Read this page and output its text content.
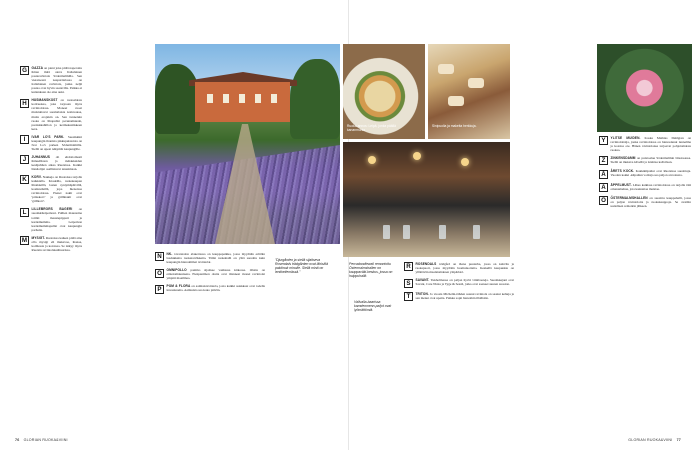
G	GAZZA on pieni joka pitää naperoitu ilman mitä oleva Italialainen pastaravintola Södermalmilla. Sen viereisessä naapuritalossa on italialainen ravintola, jonka neljä pastaa ovat hyvin saatavilla. Paikka ei kuitenkaan ole aina auki.
H	HUSMANSKOST on ruotsalaista kotiruokaa, joka tarjoaan myös ravintoloissa. Moneet ruoat muistuttavat suomalaista kotiruokaa, mutta erojakin on. Sen tunnetuin ruoka on lihapullat perunamuusin, puolukkahillon ja kermakastikkeen kera.
I	IVAR LO'S PARK. Suosikkini kaupungin ihanista pikkupuistoista on Ivar Lo's parken Södermalmilla. Siellä on upeat näkymät kaupungille.
J	JUHANNUS oli ehdottomasti ihmeellisten ja riehakkaiden kesäjuhlien aikaa Ruotsissa. Kaikki läsnäolijat osallistuvat tanssimaan.
K	KORV. Nakkeja on Ruotsissa tarjolla kaikkialla. Kioskilla, ruokakaupan lihatiskillä, lasten syntymäpäivillä, kouluretkillä, jopa hienoissa ravintoloissa. Pienet nakit ovat 'prinskorv' ja grillinakit ovat 'grillkorv'.
L	LILLEBRORS BAGERI on suosikkileipomoni. Pullien mausteina toimii maustepippuri ja kardemumma. Leipomon kardemummapullat ovat kaupungin parhaita.
M	MYSIGT. Ruotsissa kaiken pitää aina olla mysigt eli mukavaa, ihanaa, kodikasta ja kotoisaa. Se näkyy myös Ruotsin ravintolakulttuurissa.
N	NK- tavaratalon alakerrassa on kauppapaikka, jossa myydään erittäin laadukkaita ruokatarvikkeita. Tämä ruokahalli on yhtä suosittu kuin kaupungin hienoimmat ravintolat.
O	OMNIPOLLO panimo sijaitsee vanhassa kirkossa. Olutta on erikoismakuisena. Pienpanimon oluita ovat tilanneet monet ravintolat ympäri maailmaa.
P	POM & FLORA on aamiaisravintola, josta kaikki asiakkaat ovat todella innostuneita. Aamiaista saa koko päivän.
"Djurgården ja siellä sijaitseva Rosendals trädgården ovat lähisiltä pakkinuk minulle. Siellä minä on lenkkeilemässä."
76 GLORIAN RUOKA&VIINI
R	ROSENDALS trädgård on ihana puutarha, jossa on kahvila ja ruokapuoti, jossa myydään luomutuotteita. Keskellä kaupunkia on yllättävän maalaismainen ympäristö.
S	SAVANT. Tukholmassa on paljon hyviä viinibaareja. Suosikkejani ovat Savant, Care Nizza ja Tyge & Sessil, jotka ovat saaneet suuren suosion.
T	TRITON. Jo vuosia Michelin-tähden saanut ravintola on saanut kehuja ja sen menut ovat upeita. Paikka sopii hienoihin illallisiin.
Y	YLITSE MUIDEN. Koska Mathias Dahlgren on ravintoloitsija, jonka ravintoloissa on hienostunut tunnelma ja kotoisa ote. Hänen ravintolansa tarjoavat pohjoismaista ruokaa.
Z	ZINKENSDAMM on puistoalue Södermalmin länsiosassa. Siellä on mukava kävellä ja istahtaa kahvilaan.
Å	ÅRETS KOCK. Kokkikilpailut ovat Ruotsissa suosittuja. Vuoden kokki -kilpailun voittaja saa paljon arvostusta.
Ä	ÄPPELMUST. Lähes kaikissa ravintoloissa on tarjolla tätä omenamehua, jota kannattaa maistaa.
Ö	ÖSTERMALMSHALLEN on suosittu kauppahalli, jossa on paljon ravintoloita ja ruokakauppoja. Se avattiin uudelleen remontin jälkeen.
Percadoodlewali remontoitu Östermalmshallen on kauppaväki-keskus, jossa on huippuhallit.
Vallvalla-baarissa kamdenmenn-paljot ovat lyömättömiä.
Ruoka-annos: Leipä, jonka päällä kananmunia.
Sinipuolia ja makeita herkkuja.
GLORIAN RUOKA&VIINI 77
